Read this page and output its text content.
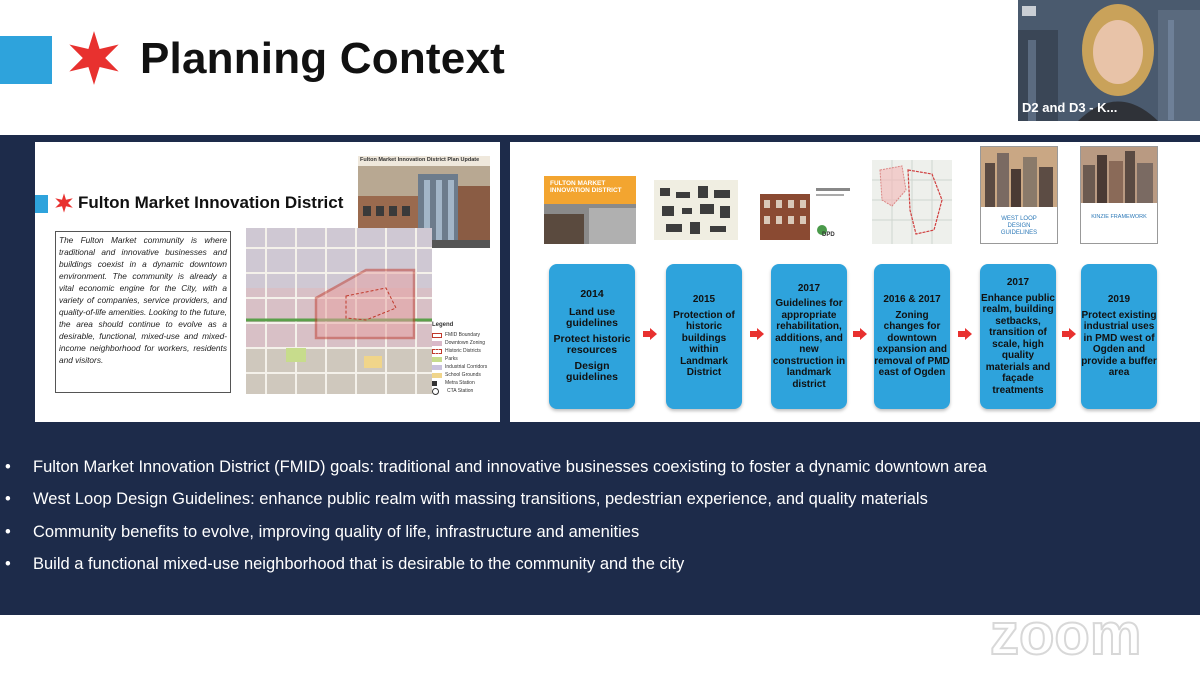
Planning Context
Fulton Market Innovation District
The Fulton Market community is where traditional and innovative businesses and buildings coexist in a dynamic downtown environment. The community is already a vital economic engine for the City, with a variety of companies, service providers, and quality-of-life amenities. Looking to the future, the area should continue to evolve as a desirable, functional, mixed-use and mixed-income neighborhood for workers, residents and visitors.
Fulton Market Innovation District Plan Update
Legend
FMID Boundary
Downtown Zoning
Historic Districts
Parks
Industrial Corridors
School Grounds
Metra Station
CTA Station
FULTON MARKET INNOVATION DISTRICT
DPD
WEST LOOP DESIGN GUIDELINES
KINZIE FRAMEWORK
2014
Land use guidelines
Protect historic resources
Design guidelines
2015
Protection of historic buildings within Landmark District
2017
Guidelines for appropriate rehabilitation, additions, and new construction in landmark district
2016 & 2017
Zoning changes for downtown expansion and removal of PMD east of Ogden
2017
Enhance public realm, building setbacks, transition of scale, high quality materials and façade treatments
2019
Protect existing industrial uses in PMD west of Ogden and provide a buffer area
• Fulton Market Innovation District (FMID) goals: traditional and innovative businesses coexisting to foster a dynamic downtown area
• West Loop Design Guidelines: enhance public realm with massing transitions, pedestrian experience, and quality materials
• Community benefits to evolve, improving quality of life, infrastructure and amenities
• Build a functional mixed-use neighborhood that is desirable to the community and the city
D2 and D3 - K...
zoom
